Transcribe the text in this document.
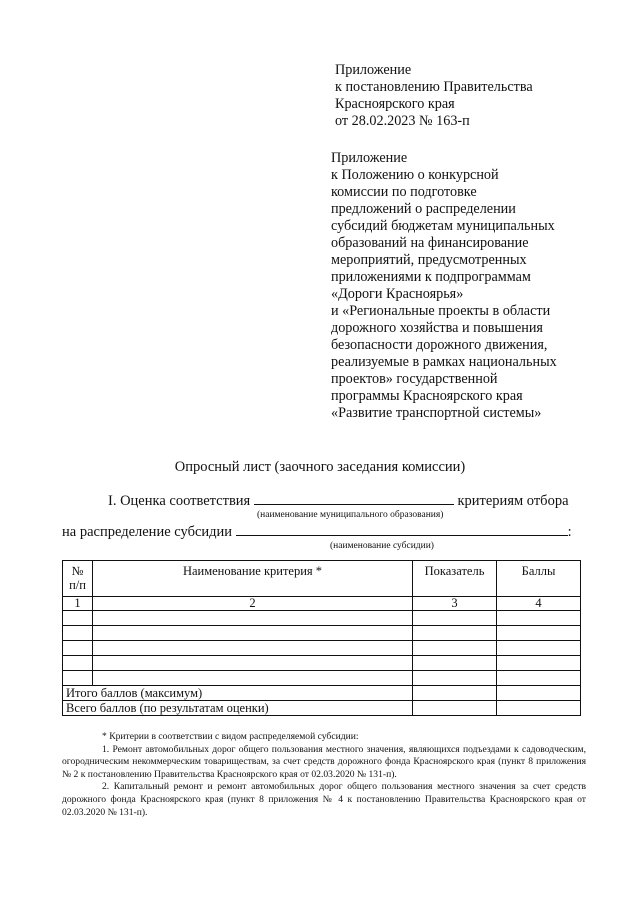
Приложение
к постановлению Правительства
Красноярского края
от 28.02.2023 № 163-п
Приложение
к Положению о конкурсной
комиссии по подготовке
предложений о распределении
субсидий бюджетам муниципальных
образований на финансирование
мероприятий, предусмотренных
приложениями к подпрограммам
«Дороги Красноярья»
и «Региональные проекты в области
дорожного хозяйства и повышения
безопасности дорожного движения,
реализуемые в рамках национальных
проектов» государственной
программы Красноярского края
«Развитие транспортной системы»
Опросный лист (заочного заседания комиссии)
I. Оценка соответствия	критериям отбора
(наименование муниципального образования)
на распределение субсидии	:
(наименование субсидии)
№ п/п	Наименование критерия *	Показатель	Баллы
1	2	3	4

Итого баллов (максимум)			
Всего баллов (по результатам оценки)			

* Критерии в соответствии с видом распределяемой субсидии:

1. Ремонт автомобильных дорог общего пользования местного значения, являющихся подъездами к садоводческим, огородническим некоммерческим товариществам, за счет средств дорожного фонда Красноярского края (пункт 8 приложения № 2 к постановлению Правительства Красноярского края от 02.03.2020 № 131-п).

2. Капитальный ремонт и ремонт автомобильных дорог общего пользования местного значения за счет средств дорожного фонда Красноярского края (пункт 8 приложения № 4 к постановлению Правительства Красноярского края от 02.03.2020 № 131-п).
